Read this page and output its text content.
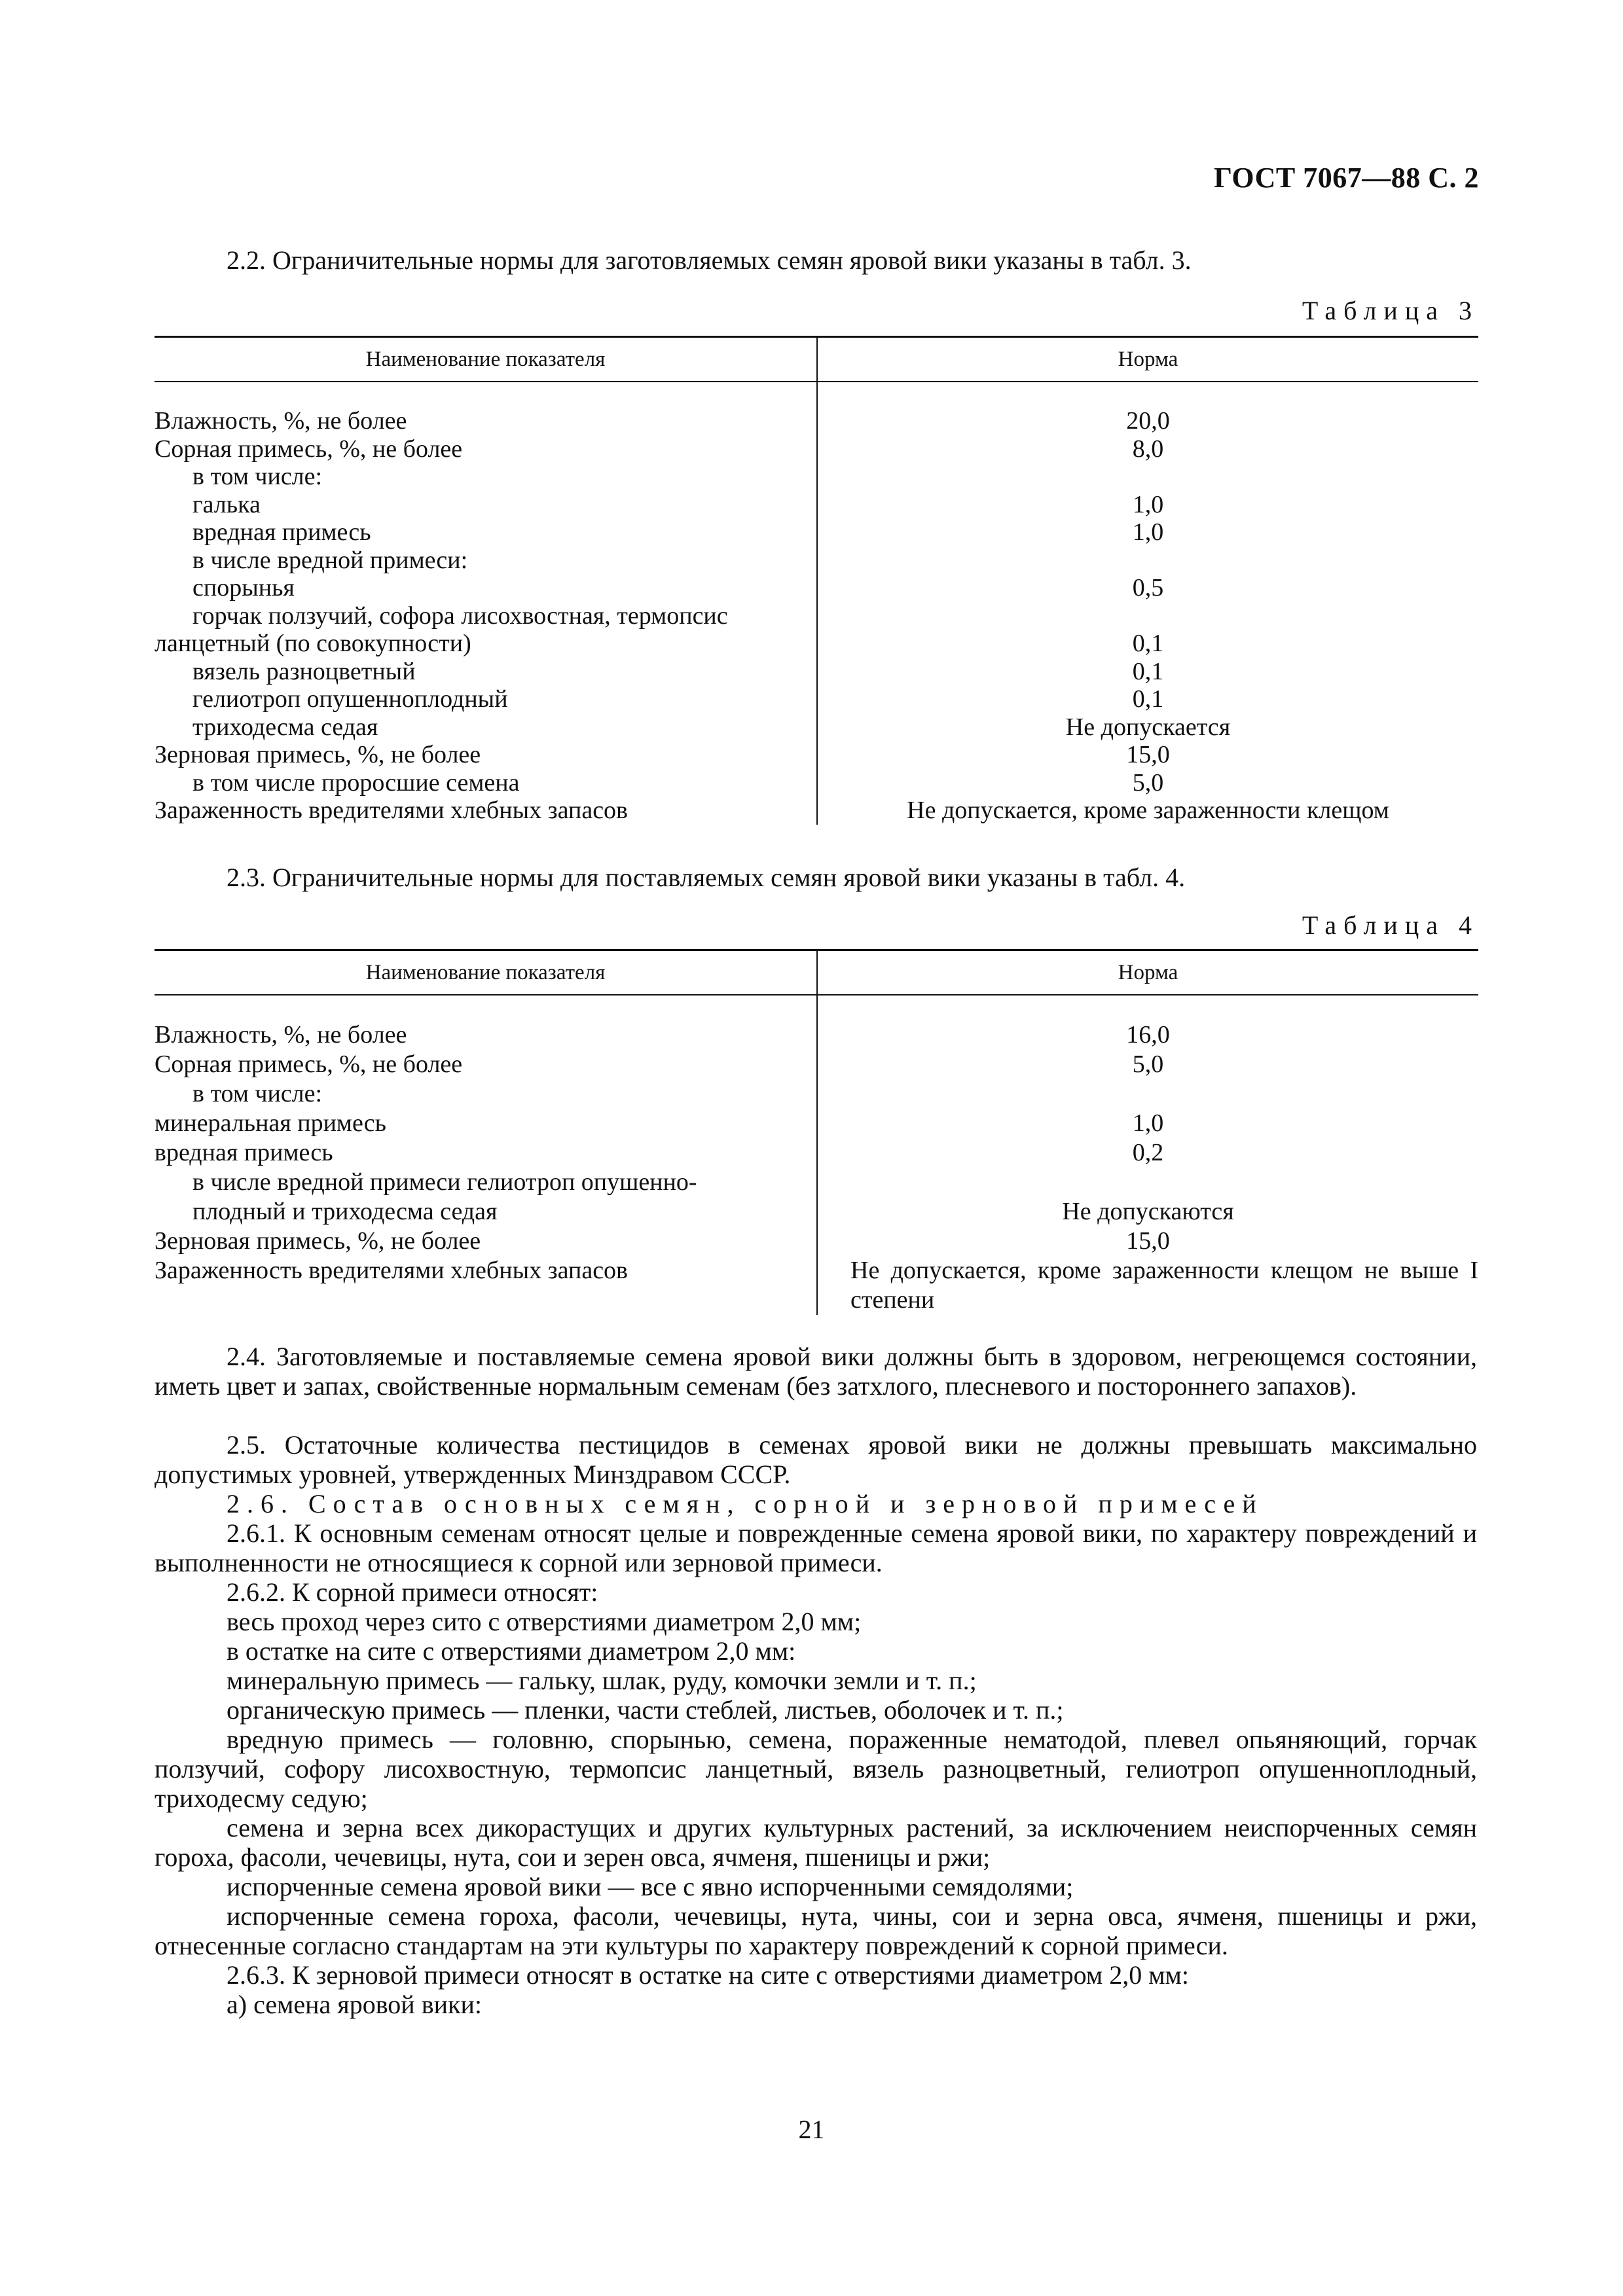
ГОСТ 7067—88 С. 2
2.2. Ограничительные нормы для заготовляемых семян яровой вики указаны в табл. 3.
Таблица 3
Наименование показателя	Норма

Влажность, %, не более	20,0
Сорная примесь, %, не более	8,0
в том числе:	
галька	1,0
вредная примесь	1,0
в числе вредной примеси:	
спорынья	0,5
горчак ползучий, софора лисохвостная, термопсис	
ланцетный (по совокупности)	0,1
вязель разноцветный	0,1
гелиотроп опушенноплодный	0,1
триходесма седая	Не допускается
Зерновая примесь, %, не более	15,0
в том числе проросшие семена	5,0
Зараженность вредителями хлебных запасов	Не допускается, кроме зараженности клещом
2.3. Ограничительные нормы для поставляемых семян яровой вики указаны в табл. 4.
Таблица 4
Наименование показателя	Норма

Влажность, %, не более	16,0
Сорная примесь, %, не более	5,0
в том числе:	
минеральная примесь	1,0
вредная примесь	0,2
в числе вредной примеси гелиотроп опушенно-	
плодный и триходесма седая	Не допускаются
Зерновая примесь, %, не более	15,0
Зараженность вредителями хлебных запасов	Не допускается, кроме зараженности клещом не выше I степени
2.4. Заготовляемые и поставляемые семена яровой вики должны быть в здоровом, негреющемся состоянии, иметь цвет и запах, свойственные нормальным семенам (без затхлого, плесневого и постороннего запахов).
2.5. Остаточные количества пестицидов в семенах яровой вики не должны превышать максимально допустимых уровней, утвержденных Минздравом СССР.
2.6. Состав основных семян, сорной и зерновой примесей
2.6.1. К основным семенам относят целые и поврежденные семена яровой вики, по характеру повреждений и выполненности не относящиеся к сорной или зерновой примеси.
2.6.2. К сорной примеси относят:
весь проход через сито с отверстиями диаметром 2,0 мм;
в остатке на сите с отверстиями диаметром 2,0 мм:
минеральную примесь — гальку, шлак, руду, комочки земли и т. п.;
органическую примесь — пленки, части стеблей, листьев, оболочек и т. п.;
вредную примесь — головню, спорынью, семена, пораженные нематодой, плевел опьяняющий, горчак ползучий, софору лисохвостную, термопсис ланцетный, вязель разноцветный, гелиотроп опушенноплодный, триходесму седую;
семена и зерна всех дикорастущих и других культурных растений, за исключением неиспорченных семян гороха, фасоли, чечевицы, нута, сои и зерен овса, ячменя, пшеницы и ржи;
испорченные семена яровой вики — все с явно испорченными семядолями;
испорченные семена гороха, фасоли, чечевицы, нута, чины, сои и зерна овса, ячменя, пшеницы и ржи, отнесенные согласно стандартам на эти культуры по характеру повреждений к сорной примеси.
2.6.3. К зерновой примеси относят в остатке на сите с отверстиями диаметром 2,0 мм:
а) семена яровой вики:
21
